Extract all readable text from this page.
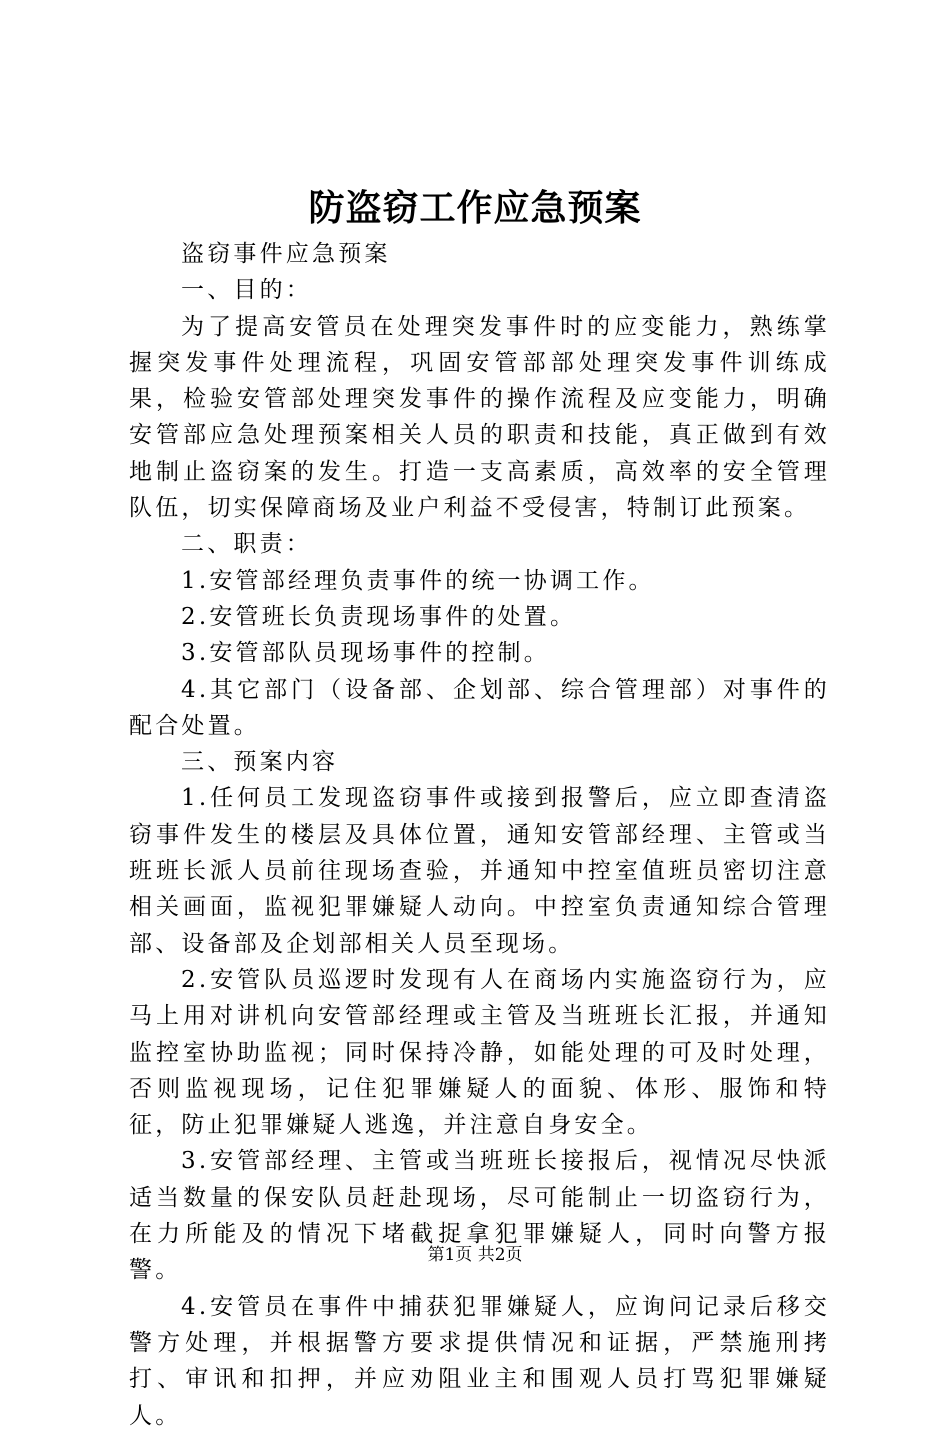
防盗窃工作应急预案

盗窃事件应急预案

一、目的：

为了提高安管员在处理突发事件时的应变能力，熟练掌握突发事件处理流程，巩固安管部部处理突发事件训练成果，检验安管部处理突发事件的操作流程及应变能力，明确安管部应急处理预案相关人员的职责和技能，真正做到有效地制止盗窃案的发生。打造一支高素质，高效率的安全管理队伍，切实保障商场及业户利益不受侵害，特制订此预案。

二、职责：

1.安管部经理负责事件的统一协调工作。

2.安管班长负责现场事件的处置。

3.安管部队员现场事件的控制。

4.其它部门（设备部、企划部、综合管理部）对事件的配合处置。

三、预案内容

1.任何员工发现盗窃事件或接到报警后，应立即查清盗窃事件发生的楼层及具体位置，通知安管部经理、主管或当班班长派人员前往现场查验，并通知中控室值班员密切注意相关画面，监视犯罪嫌疑人动向。中控室负责通知综合管理部、设备部及企划部相关人员至现场。

2.安管队员巡逻时发现有人在商场内实施盗窃行为，应马上用对讲机向安管部经理或主管及当班班长汇报，并通知监控室协助监视；同时保持冷静，如能处理的可及时处理，否则监视现场，记住犯罪嫌疑人的面貌、体形、服饰和特征，防止犯罪嫌疑人逃逸，并注意自身安全。

3.安管部经理、主管或当班班长接报后，视情况尽快派适当数量的保安队员赶赴现场，尽可能制止一切盗窃行为，在力所能及的情况下堵截捉拿犯罪嫌疑人，同时向警方报警。

4.安管员在事件中捕获犯罪嫌疑人，应询问记录后移交警方处理，并根据警方要求提供情况和证据，严禁施刑拷打、审讯和扣押，并应劝阻业主和围观人员打骂犯罪嫌疑人。

第1页 共2页
